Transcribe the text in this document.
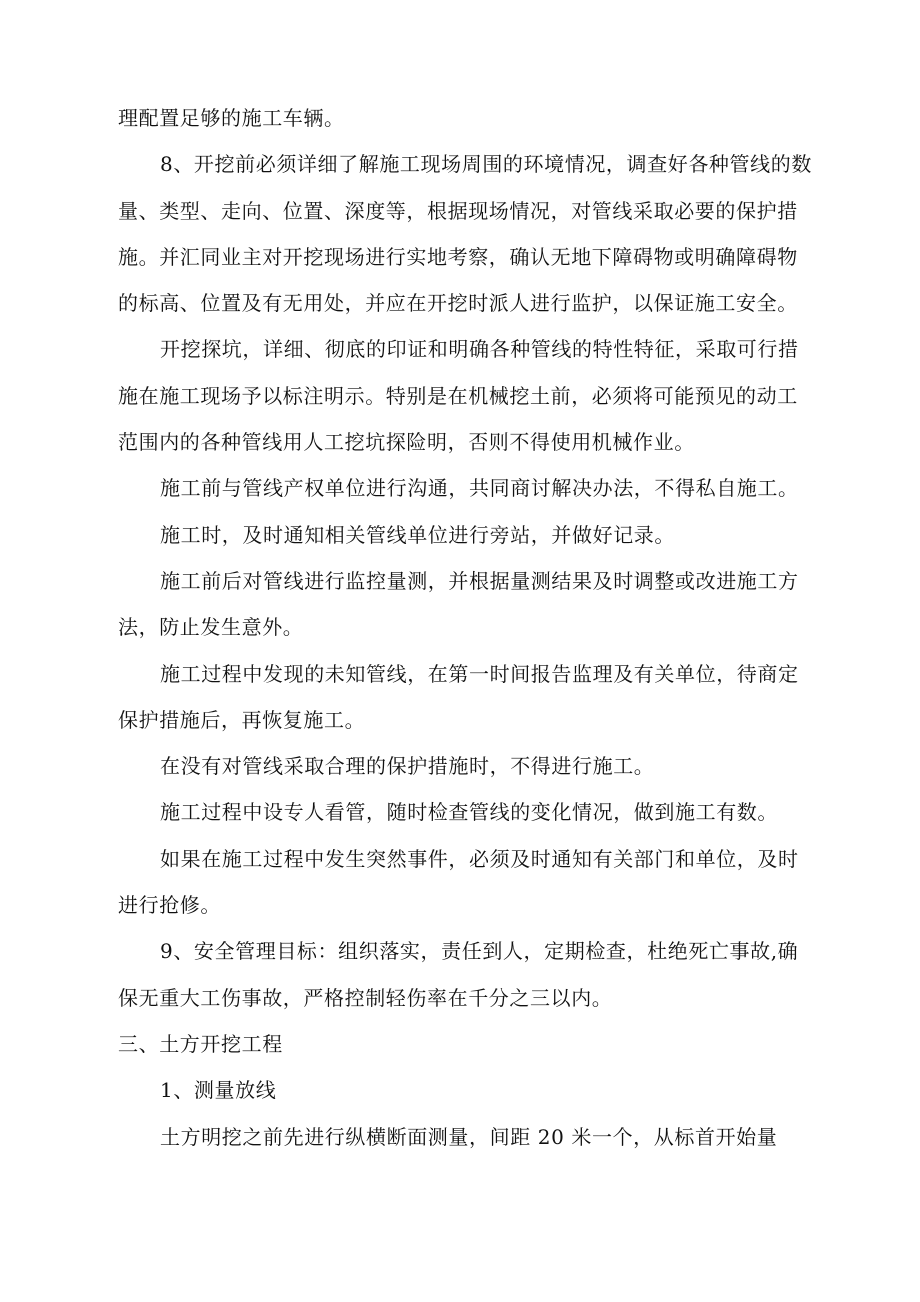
理配置足够的施工车辆。

8、开挖前必须详细了解施工现场周围的环境情况，调查好各种管线的数量、类型、走向、位置、深度等，根据现场情况，对管线采取必要的保护措施。并汇同业主对开挖现场进行实地考察，确认无地下障碍物或明确障碍物的标高、位置及有无用处，并应在开挖时派人进行监护，以保证施工安全。

开挖探坑，详细、彻底的印证和明确各种管线的特性特征，采取可行措施在施工现场予以标注明示。特别是在机械挖土前，必须将可能预见的动工范围内的各种管线用人工挖坑探险明，否则不得使用机械作业。

施工前与管线产权单位进行沟通，共同商讨解决办法，不得私自施工。

施工时，及时通知相关管线单位进行旁站，并做好记录。

施工前后对管线进行监控量测，并根据量测结果及时调整或改进施工方法，防止发生意外。

施工过程中发现的未知管线，在第一时间报告监理及有关单位，待商定保护措施后，再恢复施工。

在没有对管线采取合理的保护措施时，不得进行施工。

施工过程中设专人看管，随时检查管线的变化情况，做到施工有数。

如果在施工过程中发生突然事件，必须及时通知有关部门和单位，及时进行抢修。

9、安全管理目标：组织落实，责任到人，定期检查，杜绝死亡事故,确保无重大工伤事故，严格控制轻伤率在千分之三以内。

三、土方开挖工程

1、测量放线

土方明挖之前先进行纵横断面测量，间距 20 米一个，从标首开始量
